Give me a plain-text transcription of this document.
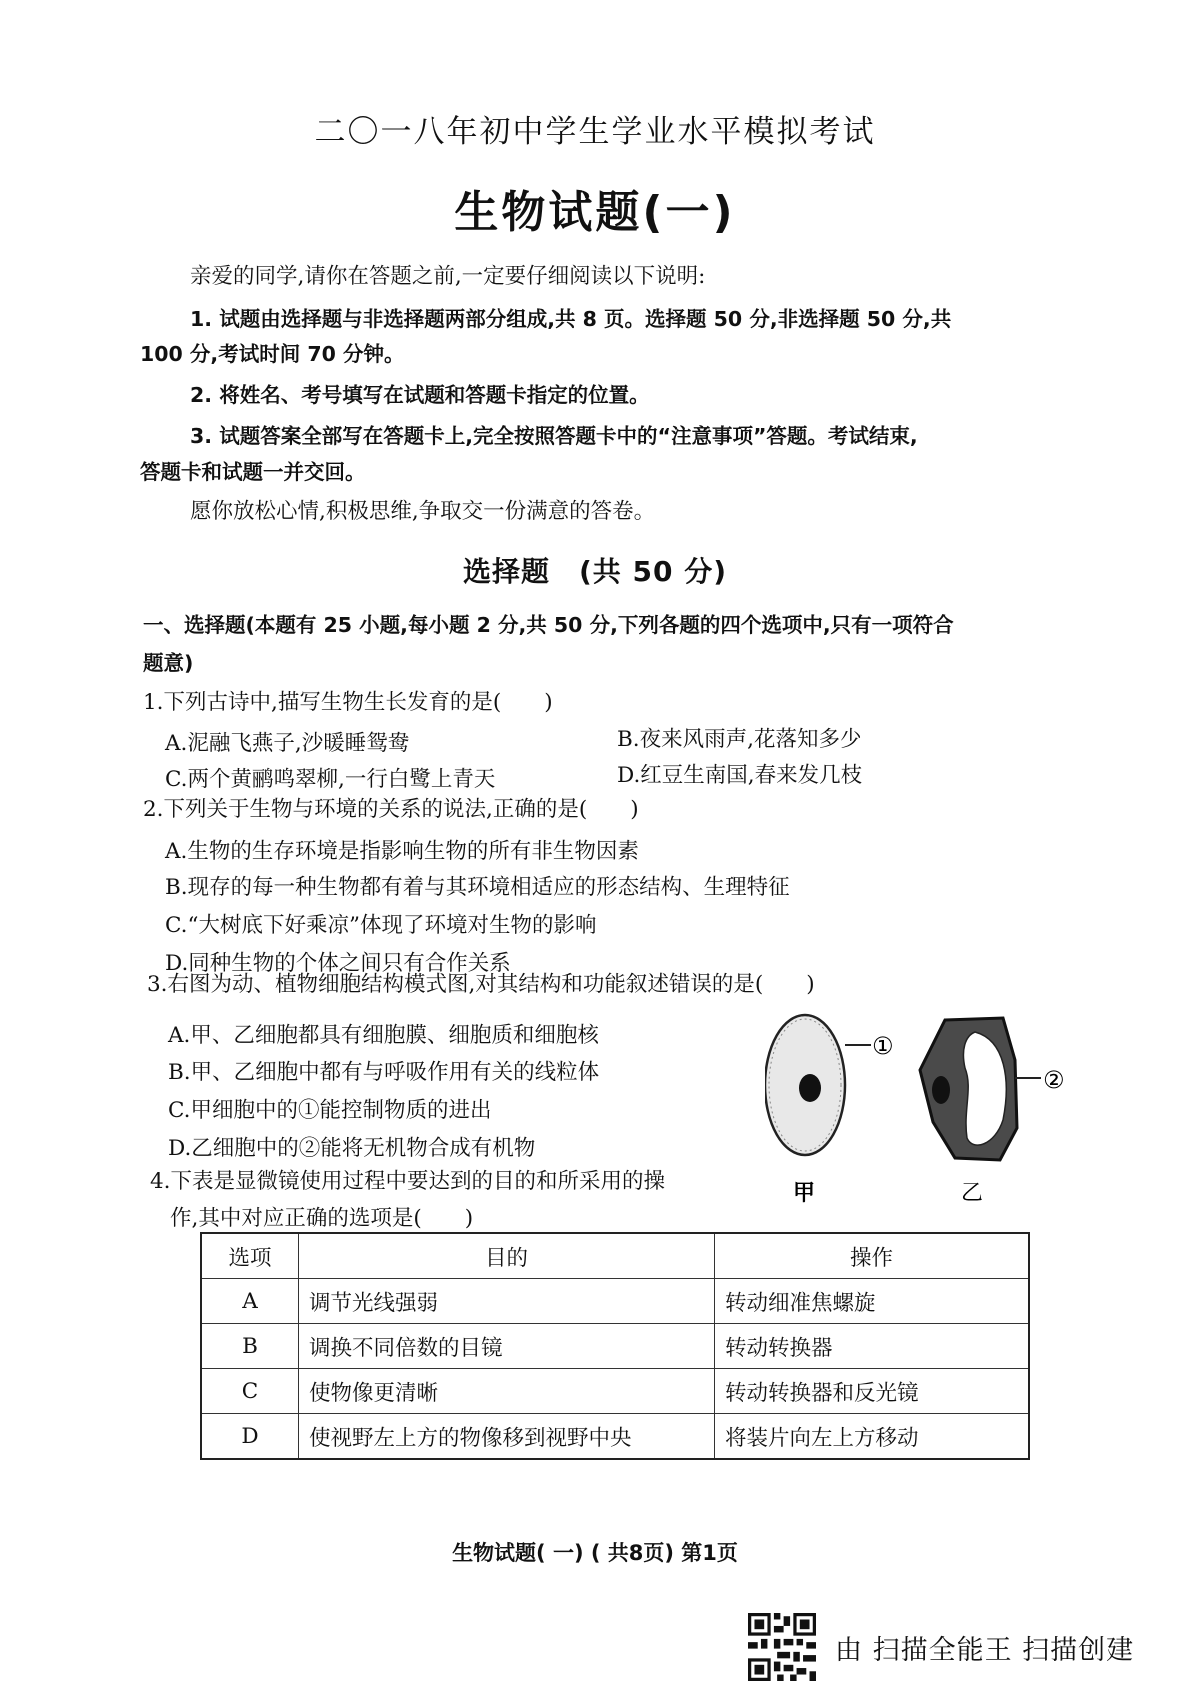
二〇一八年初中学生学业水平模拟考试
生物试题(一)
亲爱的同学,请你在答题之前,一定要仔细阅读以下说明:
1. 试题由选择题与非选择题两部分组成,共 8 页。选择题 50 分,非选择题 50 分,共
100 分,考试时间 70 分钟。
2. 将姓名、考号填写在试题和答题卡指定的位置。
3. 试题答案全部写在答题卡上,完全按照答题卡中的“注意事项”答题。考试结束,
答题卡和试题一并交回。
愿你放松心情,积极思维,争取交一份满意的答卷。
选择题　(共 50 分)
一、选择题(本题有 25 小题,每小题 2 分,共 50 分,下列各题的四个选项中,只有一项符合
题意)
1.下列古诗中,描写生物生长发育的是(　　)
A.泥融飞燕子,沙暖睡鸳鸯	B.夜来风雨声,花落知多少
C.两个黄鹂鸣翠柳,一行白鹭上青天	D.红豆生南国,春来发几枝
2.下列关于生物与环境的关系的说法,正确的是(　　)
A.生物的生存环境是指影响生物的所有非生物因素
B.现存的每一种生物都有着与其环境相适应的形态结构、生理特征
C.“大树底下好乘凉”体现了环境对生物的影响
D.同种生物的个体之间只有合作关系
3.右图为动、植物细胞结构模式图,对其结构和功能叙述错误的是(　　)
A.甲、乙细胞都具有细胞膜、细胞质和细胞核
B.甲、乙细胞中都有与呼吸作用有关的线粒体
C.甲细胞中的①能控制物质的进出
D.乙细胞中的②能将无机物合成有机物
①
②
甲	乙
4.下表是显微镜使用过程中要达到的目的和所采用的操
作,其中对应正确的选项是(　　)
选项	目的	操作
A	调节光线强弱	转动细准焦螺旋
B	调换不同倍数的目镜	转动转换器
C	使物像更清晰	转动转换器和反光镜
D	使视野左上方的物像移到视野中央	将装片向左上方移动
生物试题( 一) ( 共8页) 第1页
由 扫描全能王 扫描创建
